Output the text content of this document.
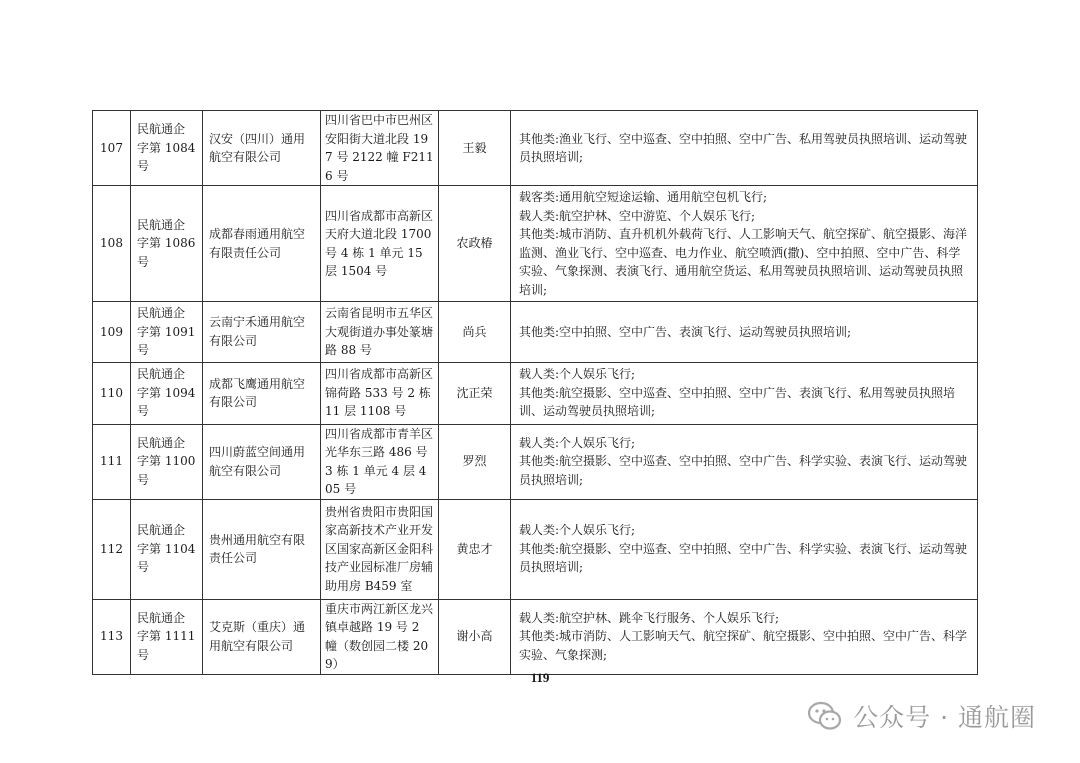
107	民航通企字第 1084 号	汉安（四川）通用航空有限公司	四川省巴中市巴州区安阳街大道北段 197 号 2122 幢 F2116 号	王毅	其他类:渔业飞行、空中巡查、空中拍照、空中广告、私用驾驶员执照培训、运动驾驶员执照培训;

108	民航通企字第 1086 号	成都春雨通用航空有限责任公司	四川省成都市高新区天府大道北段 1700 号 4 栋 1 单元 15 层 1504 号	农政椿	载客类:通用航空短途运输、通用航空包机飞行;
载人类:航空护林、空中游览、个人娱乐飞行;
其他类:城市消防、直升机机外载荷飞行、人工影响天气、航空探矿、航空摄影、海洋监测、渔业飞行、空中巡查、电力作业、航空喷洒(撒)、空中拍照、空中广告、科学实验、气象探测、表演飞行、通用航空货运、私用驾驶员执照培训、运动驾驶员执照培训;

109	民航通企字第 1091 号	云南宁禾通用航空有限公司	云南省昆明市五华区大观街道办事处篆塘路 88 号	尚兵	其他类:空中拍照、空中广告、表演飞行、运动驾驶员执照培训;

110	民航通企字第 1094 号	成都飞鹰通用航空有限公司	四川省成都市高新区锦荷路 533 号 2 栋 11 层 1108 号	沈正荣	载人类:个人娱乐飞行;
其他类:航空摄影、空中巡查、空中拍照、空中广告、表演飞行、私用驾驶员执照培训、运动驾驶员执照培训;

111	民航通企字第 1100 号	四川蔚蓝空间通用航空有限公司	四川省成都市青羊区光华东三路 486 号 3 栋 1 单元 4 层 405 号	罗烈	载人类:个人娱乐飞行;
其他类:航空摄影、空中巡查、空中拍照、空中广告、科学实验、表演飞行、运动驾驶员执照培训;

112	民航通企字第 1104 号	贵州通用航空有限责任公司	贵州省贵阳市贵阳国家高新技术产业开发区国家高新区金阳科技产业园标准厂房辅助用房 B459 室	黄忠才	载人类:个人娱乐飞行;
其他类:航空摄影、空中巡查、空中拍照、空中广告、科学实验、表演飞行、运动驾驶员执照培训;

113	民航通企字第 1111 号	艾克斯（重庆）通用航空有限公司	重庆市两江新区龙兴镇卓越路 19 号 2 幢（数创园二楼 209）	谢小高	载人类:航空护林、跳伞飞行服务、个人娱乐飞行;
其他类:城市消防、人工影响天气、航空探矿、航空摄影、空中拍照、空中广告、科学实验、气象探测;
119
公众号 · 通航圈
